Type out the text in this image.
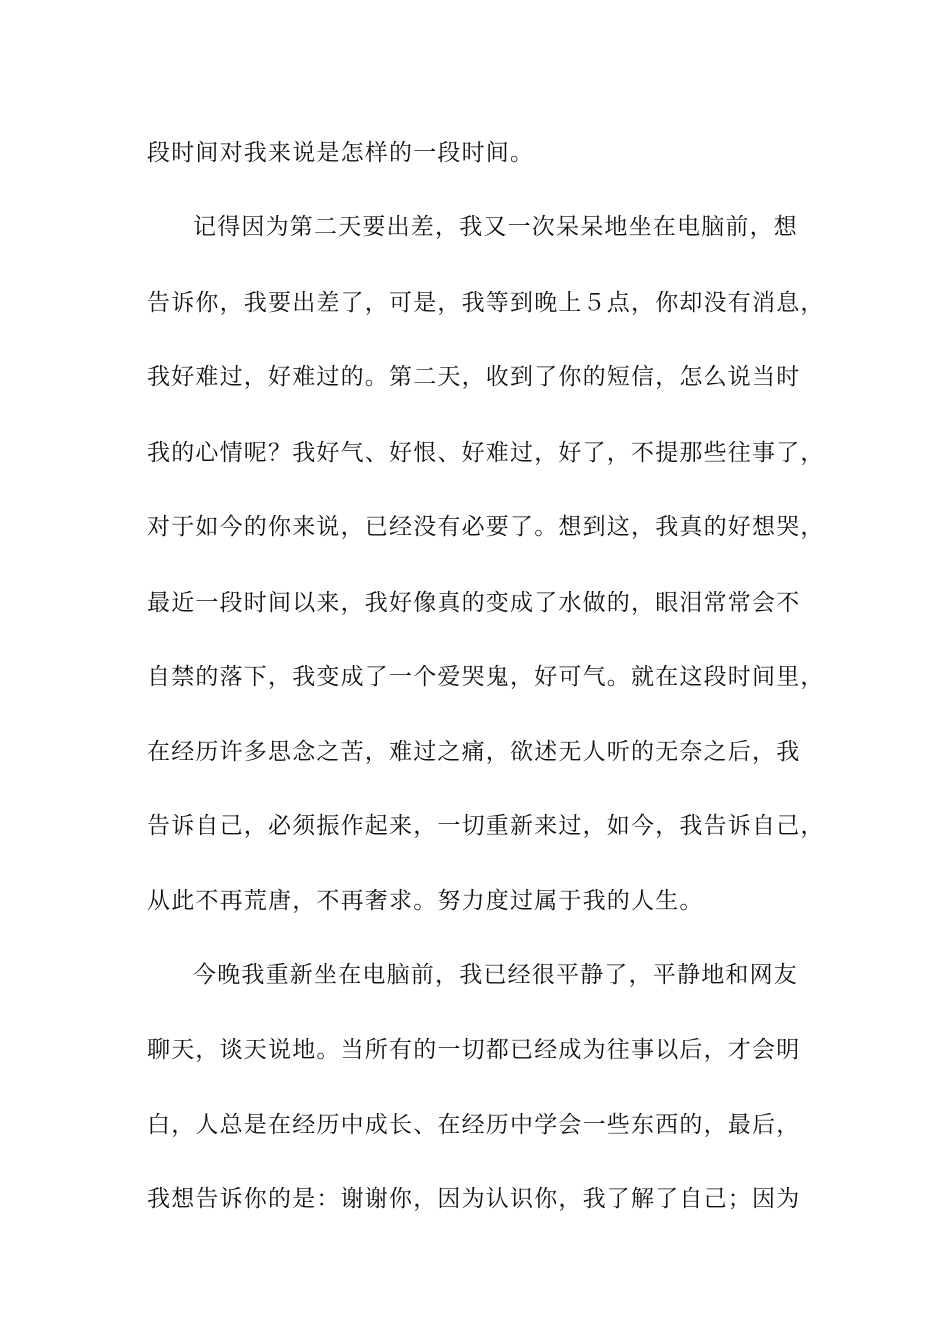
段时间对我来说是怎样的一段时间。
记得因为第二天要出差，我又一次呆呆地坐在电脑前，想
告诉你，我要出差了，可是，我等到晚上５点，你却没有消息，
我好难过，好难过的。第二天，收到了你的短信，怎么说当时
我的心情呢？我好气、好恨、好难过，好了，不提那些往事了，
对于如今的你来说，已经没有必要了。想到这，我真的好想哭，
最近一段时间以来，我好像真的变成了水做的，眼泪常常会不
自禁的落下，我变成了一个爱哭鬼，好可气。就在这段时间里，
在经历许多思念之苦，难过之痛，欲述无人听的无奈之后，我
告诉自己，必须振作起来，一切重新来过，如今，我告诉自己，
从此不再荒唐，不再奢求。努力度过属于我的人生。
今晚我重新坐在电脑前，我已经很平静了，平静地和网友
聊天，谈天说地。当所有的一切都已经成为往事以后，才会明
白，人总是在经历中成长、在经历中学会一些东西的，最后，
我想告诉你的是：谢谢你，因为认识你，我了解了自己；因为
